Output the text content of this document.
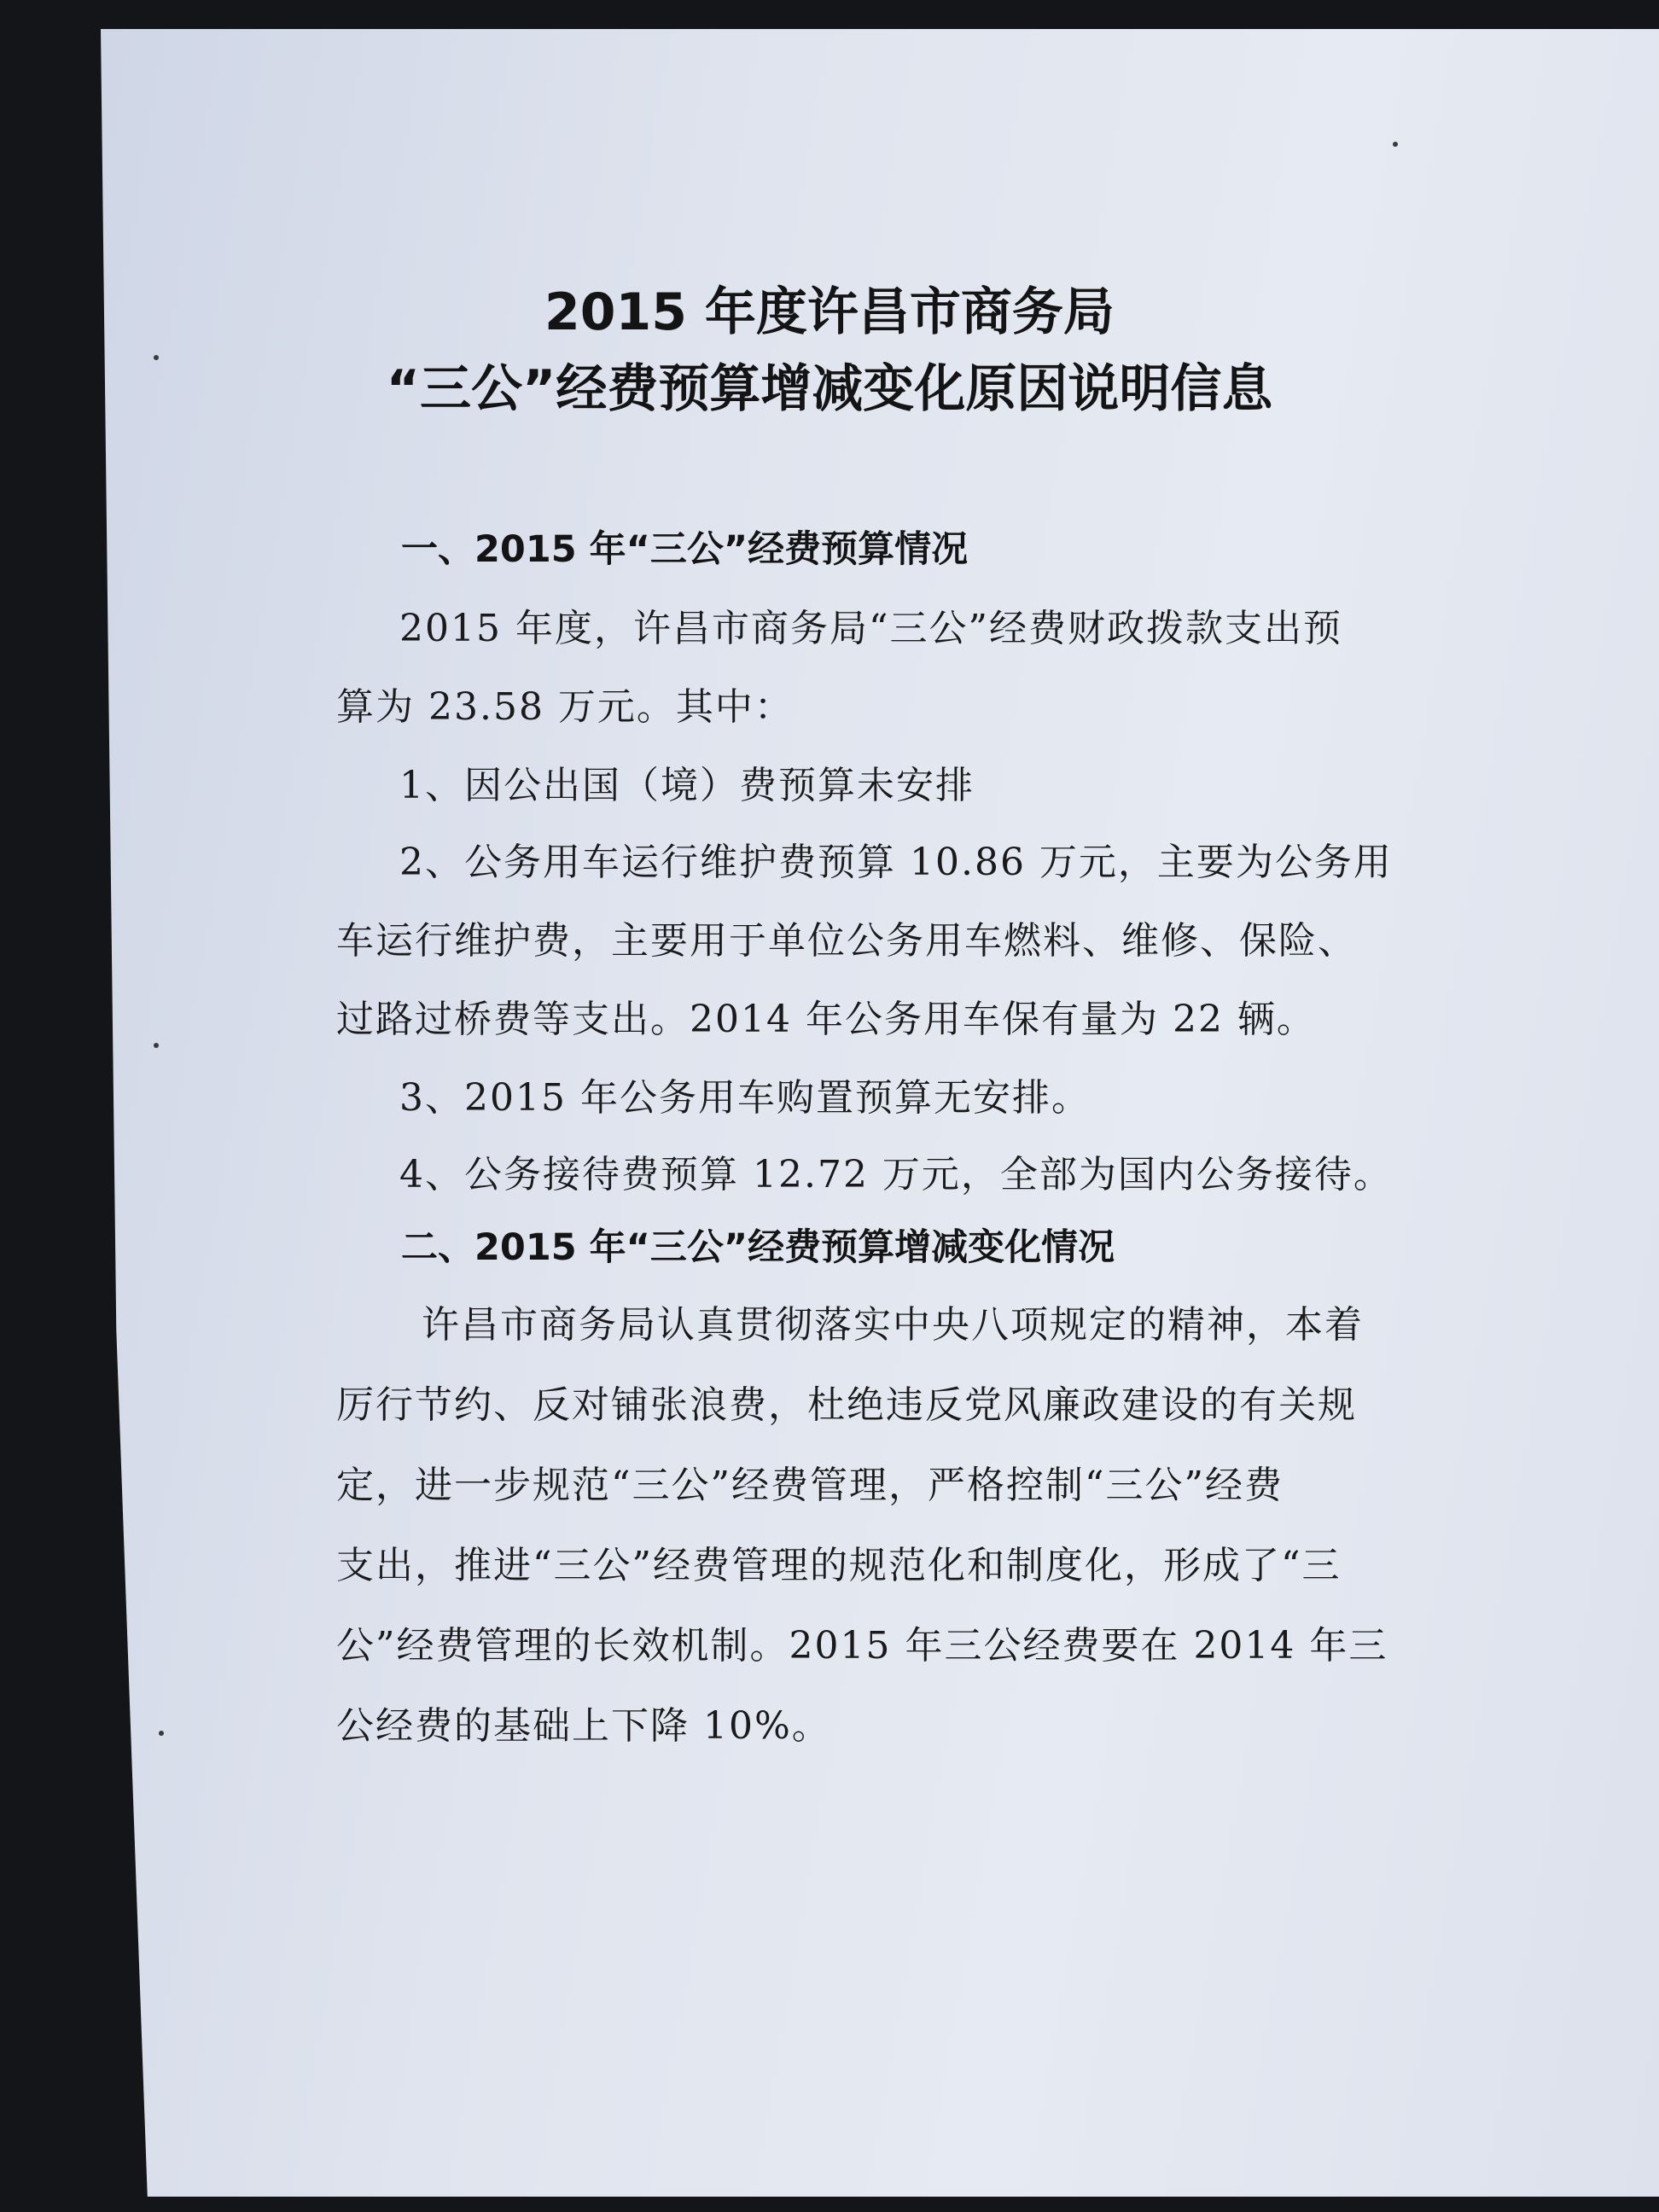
2015 年度许昌市商务局
“三公”经费预算增减变化原因说明信息
一、2015 年“三公”经费预算情况
2015 年度，许昌市商务局“三公”经费财政拨款支出预
算为 23.58 万元。其中：
1、因公出国（境）费预算未安排
2、公务用车运行维护费预算 10.86 万元，主要为公务用
车运行维护费，主要用于单位公务用车燃料、维修、保险、
过路过桥费等支出。2014 年公务用车保有量为 22 辆。
3、2015 年公务用车购置预算无安排。
4、公务接待费预算 12.72 万元，全部为国内公务接待。
二、2015 年“三公”经费预算增减变化情况
许昌市商务局认真贯彻落实中央八项规定的精神，本着
厉行节约、反对铺张浪费，杜绝违反党风廉政建设的有关规
定，进一步规范“三公”经费管理，严格控制“三公”经费
支出，推进“三公”经费管理的规范化和制度化，形成了“三
公”经费管理的长效机制。2015 年三公经费要在 2014 年三
公经费的基础上下降 10%。
